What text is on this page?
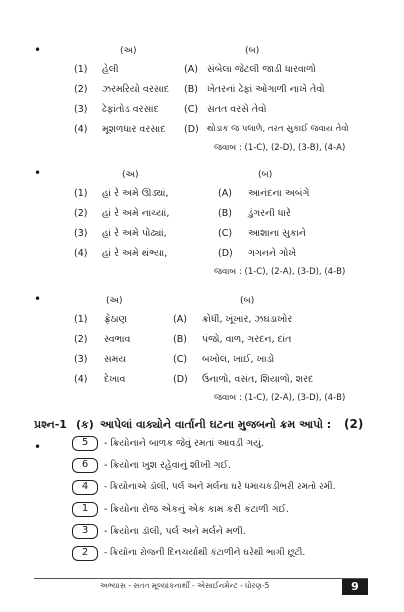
•	(અ)	(બ)
(1) હેલી	(A) સંબેલા જેટલી જાડી ધારવાળો
(2) ઝરમરિયો વરસાદ (B) ખેતરનાં ઢેફાં ઓગાળી નાખે તેવો
(3) ઢેફાંતોડ વરસાદ	(C) સતત વરસે તેવો
(4) મૂશળધાર વરસાદ (D) થોડાક જ પલાળે, તરત સુકાઈ જવાય તેવો
જવાબ : (1-C), (2-D), (3-B), (4-A)
•	(અ)	(બ)
(1) હાં રે અમે ઊડ્યાં,	(A) આનંદના અબંગે
(2) હાં રે અમે નાચ્યાં,	(B) ડુંગરની ધારે
(3) હાં રે અમે પોઢ્યાં,	(C) આશાના સુકાને
(4) હાં રે અમે થંભ્યા,	(D) ગગનને ગોખે
જવાબ : (1-C), (2-A), (3-D), (4-B)
•	(અ)	(બ)
(1) ફ્રેઠાણ	(A) ક્રોધી, ખૂંખાર, ઝઘડાખોર
(2) સ્વભાવ	(B) પંજો, વાળ, ગરદન, દાંત
(3) સમય	(C) બખોલ, ખાઈ, ખાડો
(4) દેખાવ	(D) ઉનાળો, વસંત, શિયાળો, શરદ
જવાબ : (1-C), (2-A), (3-D), (4-B)
પ્રશ્ન-1 (ક) આપેલાં વાક્યોને વાર્તાની ઘટના મુજબનો ક્રમ આપો : (2)
•	5	- ક્રિયોનાને બાળક જેવું રમતાં આવડી ગયું.
6	- ક્રિયોના ખુશ રહેવાનું શીખી ગઈ.
4	- ક્રિયોનાએ ડૉલી, પર્લ અને મર્લના ઘરે ધમાચકડીભરી રમતો રમી.
1	- ક્રિયોના રોજ એકનું એક કામ કરી કંટાળી ગઈ.
3	- ક્રિયોના ડૉલી, પર્લ અને મર્લને મળી.
2	- ક્રિયોના રોજની દિનચર્યાથી કંટાળીને ઘરેથી ભાગી છૂટી.
અભ્યાસ - સતત મૂલ્યાંકનાર્થી - એસાઈનમેન્ટ - ધોરણ-5	9
